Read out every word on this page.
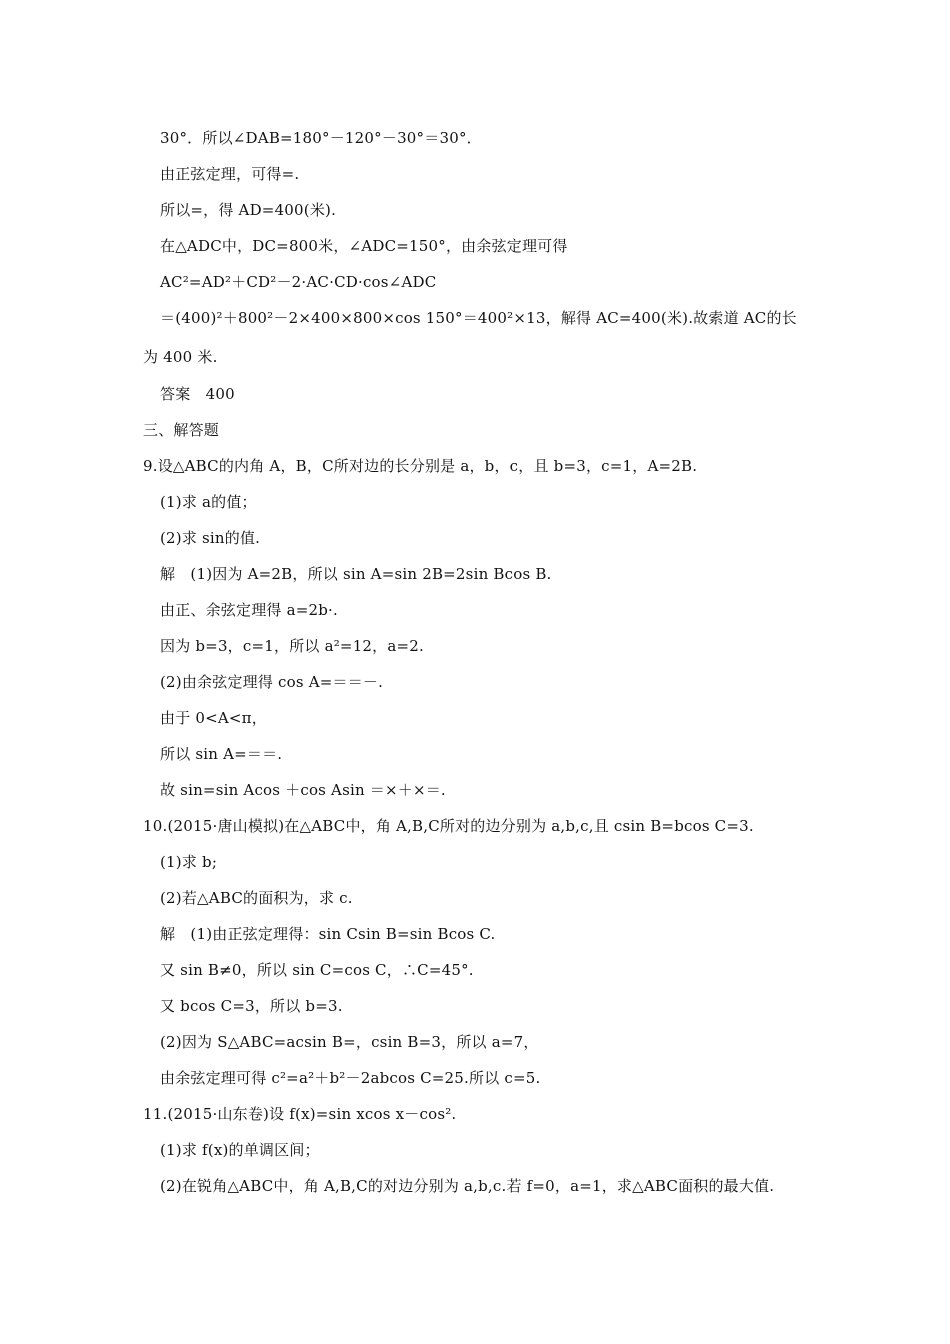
30°．所以∠DAB=180°－120°－30°＝30°．
由正弦定理，可得=.
所以=，得 AD=400(米).
在△ADC中，DC=800米，∠ADC=150°，由余弦定理可得
AC²=AD²＋CD²－2·AC·CD·cos∠ADC
＝(400)²＋800²－2×400×800×cos 150°＝400²×13，解得 AC=400(米).故索道 AC的长
为 400 米.
答案　400
三、解答题
9.设△ABC的内角 A，B，C所对边的长分别是 a，b，c，且 b=3，c=1，A=2B.
(1)求 a的值；
(2)求 sin的值.
解　(1)因为 A=2B，所以 sin A=sin 2B=2sin Bcos B.
由正、余弦定理得 a=2b·.
因为 b=3，c=1，所以 a²=12，a=2.
(2)由余弦定理得 cos A=＝＝－.
由于 0<A<π，
所以 sin A=＝＝.
故 sin=sin Acos ＋cos Asin ＝×＋×＝.
10.(2015·唐山模拟)在△ABC中，角 A,B,C所对的边分别为 a,b,c,且 csin B=bcos C=3.
(1)求 b;
(2)若△ABC的面积为，求 c.
解　(1)由正弦定理得：sin Csin B=sin Bcos C.
又 sin B≠0，所以 sin C=cos C，∴C=45°.
又 bcos C=3，所以 b=3.
(2)因为 S△ABC=acsin B=，csin B=3，所以 a=7，
由余弦定理可得 c²=a²＋b²－2abcos C=25.所以 c=5.
11.(2015·山东卷)设 f(x)=sin xcos x－cos².
(1)求 f(x)的单调区间；
(2)在锐角△ABC中，角 A,B,C的对边分别为 a,b,c.若 f=0，a=1，求△ABC面积的最大值.
